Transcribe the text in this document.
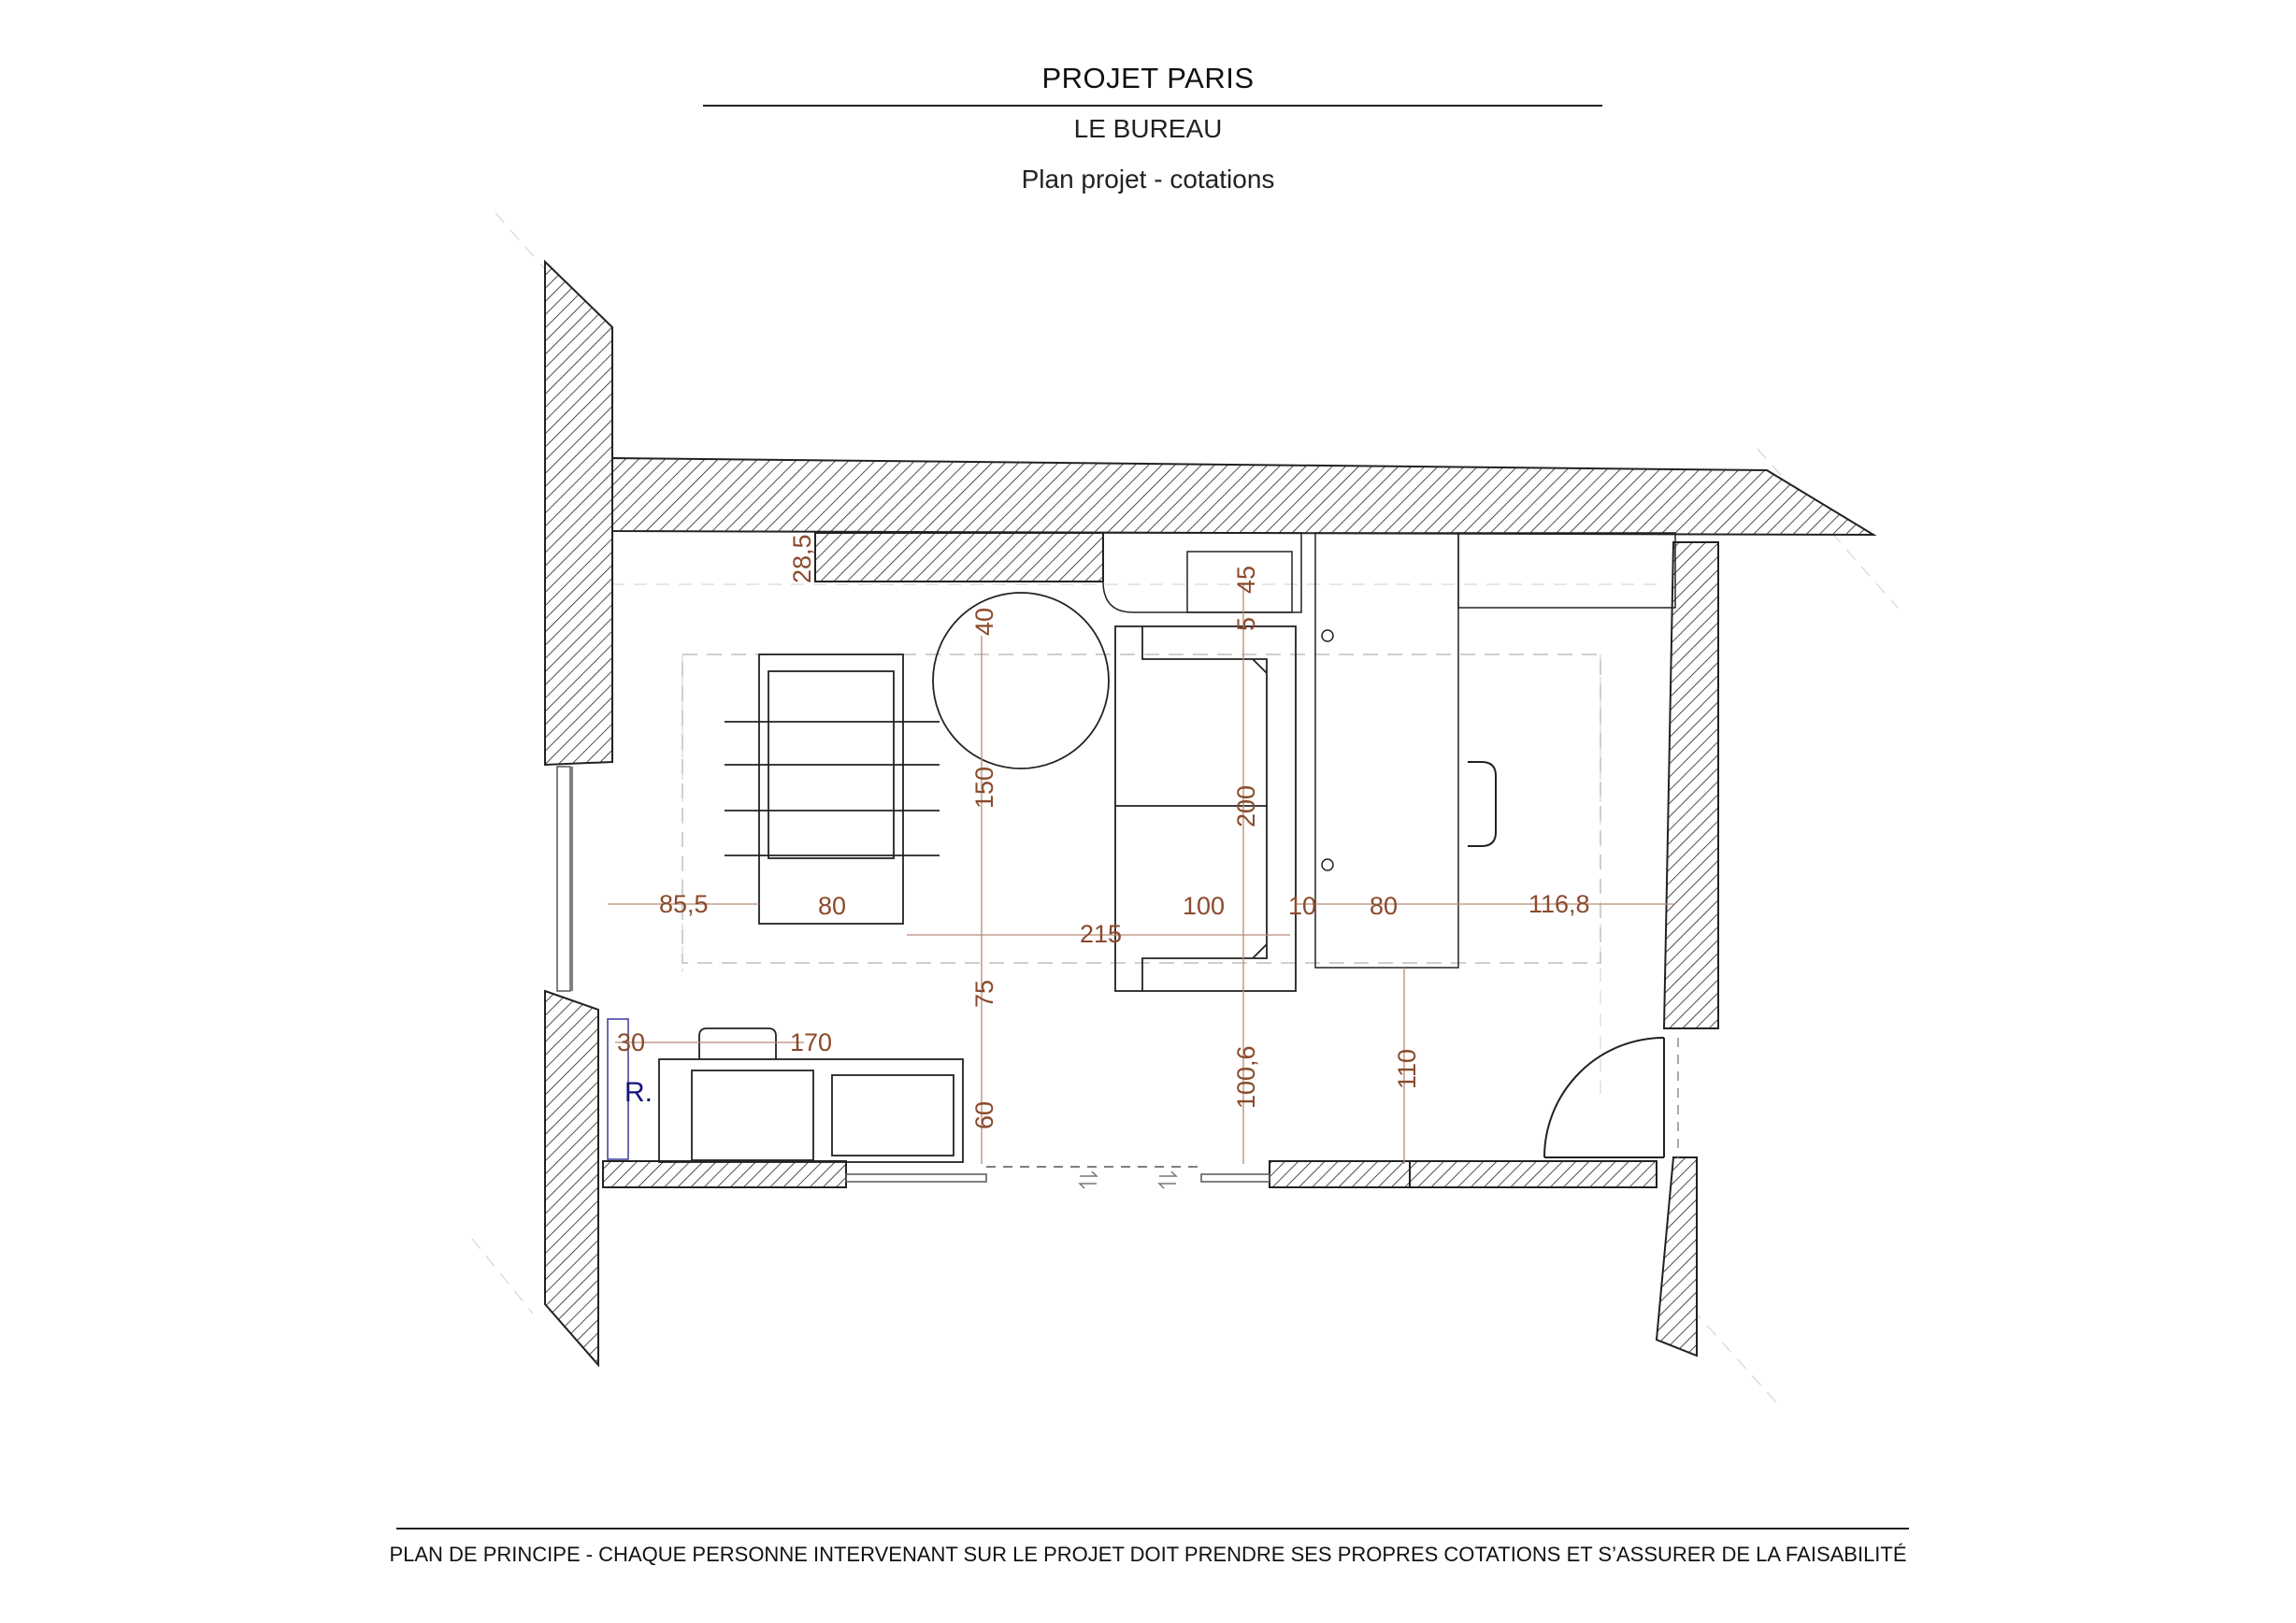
PROJET PARIS
LE BUREAU
Plan projet - cotations
28,5
40
45
5
200
150
85,5	80
215
100	10 80	116,8
75
30	170
60
100,6	110
R.
PLAN DE PRINCIPE - CHAQUE PERSONNE INTERVENANT SUR LE PROJET DOIT PRENDRE SES PROPRES COTATIONS ET S’ASSURER DE LA FAISABILITÉ
